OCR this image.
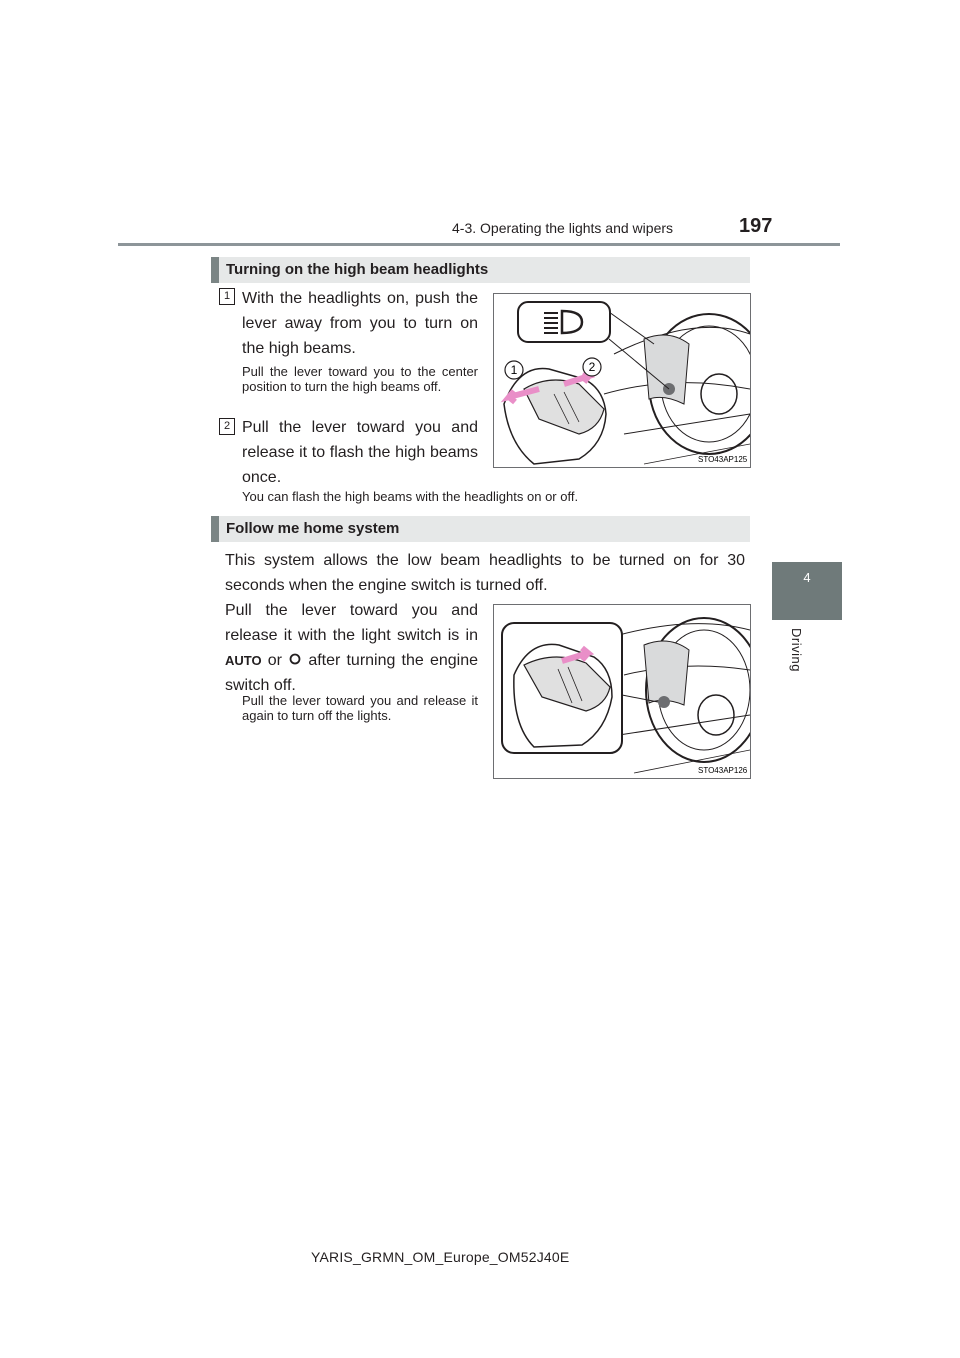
4-3. Operating the lights and wipers	197
4
Driving
Turning on the high beam headlights
1 With the headlights on, push the lever away from you to turn on the high beams.
Pull the lever toward you to the center position to turn the high beams off.
2 Pull the lever toward you and release it to flash the high beams once.
You can flash the high beams with the headlights on or off.
1	2
STO43AP125
Follow me home system
This system allows the low beam headlights to be turned on for 30 seconds when the engine switch is turned off.
Pull the lever toward you and release it with the light switch is in AUTO or after turning the engine switch off.
Pull the lever toward you and release it again to turn off the lights.
STO43AP126
YARIS_GRMN_OM_Europe_OM52J40E
